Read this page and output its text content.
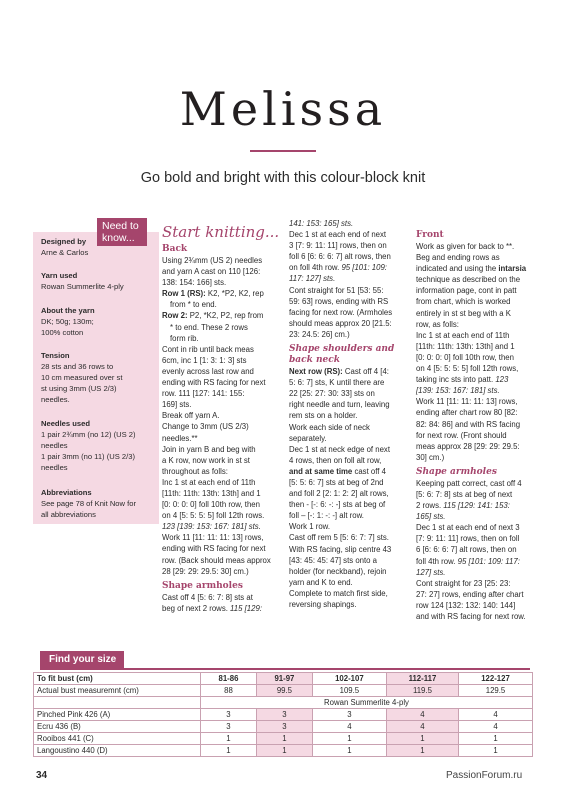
Melissa
Go bold and bright with this colour-block knit
Need to
know...
Designed by
Arne & Carlos
Yarn used
Rowan Summerlite 4-ply
About the yarn
DK; 50g; 130m;
100% cotton
Tension
28 sts and 36 rows to
10 cm measured over st
st using 3mm (US 2/3)
needles.
Needles used
1 pair 2¾mm (no 12) (US 2)
needles
1 pair 3mm (no 11) (US 2/3)
needles
Abbreviations
See page 78 of Knit Now for
all abbreviations

Start knitting...

Back

Using 2¾mm (US 2) needles

and yarn A cast on 110 [126:

138: 154: 166] sts.

Row 1 (RS): K2, *P2, K2, rep

from * to end.

Row 2: P2, *K2, P2, rep from

* to end. These 2 rows

form rib.

Cont in rib until back meas

6cm, inc 1 [1: 3: 1: 3] sts

evenly across last row and

ending with RS facing for next

row. 111 [127: 141: 155:

169] sts.

Break off yarn A.

Change to 3mm (US 2/3)

needles.**

Join in yarn B and beg with

a K row, now work in st st

throughout as folls:

Inc 1 st at each end of 11th

[11th: 11th: 13th: 13th] and 1

[0: 0: 0: 0] foll 10th row, then

on 4 [5: 5: 5: 5] foll 12th rows.

123 [139: 153: 167: 181] sts.

Work 11 [11: 11: 11: 13] rows,

ending with RS facing for next

row. (Back should meas approx

28 [29: 29: 29.5: 30] cm.)

Shape armholes

Cast off 4 [5: 6: 7: 8] sts at

beg of next 2 rows. 115 [129:

141: 153: 165] sts.

Dec 1 st at each end of next

3 [7: 9: 11: 11] rows, then on

foll 6 [6: 6: 6: 7] alt rows, then

on foll 4th row. 95 [101: 109:

117: 127] sts.

Cont straight for 51 [53: 55:

59: 63] rows, ending with RS

facing for next row. (Armholes

should meas approx 20 [21.5:

23: 24.5: 26] cm.)

Shape shoulders and

back neck

Next row (RS): Cast off 4 [4:

5: 6: 7] sts, K until there are

22 [25: 27: 30: 33] sts on

right needle and turn, leaving

rem sts on a holder.

Work each side of neck

separately.

Dec 1 st at neck edge of next

4 rows, then on foll alt row,

and at same time cast off 4

[5: 5: 6: 7] sts at beg of 2nd

and foll 2 [2: 1: 2: 2] alt rows,

then - [-: 6: -: -] sts at beg of

foll – [-: 1: -: -] alt row.

Work 1 row.

Cast off rem 5 [5: 6: 7: 7] sts.

With RS facing, slip centre 43

[43: 45: 45: 47] sts onto a

holder (for neckband), rejoin

yarn and K to end.

Complete to match first side,

reversing shapings.

Front

Work as given for back to **.

Beg and ending rows as

indicated and using the intarsia

technique as described on the

information page, cont in patt

from chart, which is worked

entirely in st st beg with a K

row, as folls:

Inc 1 st at each end of 11th

[11th: 11th: 13th: 13th] and 1

[0: 0: 0: 0] foll 10th row, then

on 4 [5: 5: 5: 5] foll 12th rows,

taking inc sts into patt. 123

[139: 153: 167: 181] sts.

Work 11 [11: 11: 11: 13] rows,

ending after chart row 80 [82:

82: 84: 86] and with RS facing

for next row. (Front should

meas approx 28 [29: 29: 29.5:

30] cm.)

Shape armholes

Keeping patt correct, cast off 4

[5: 6: 7: 8] sts at beg of next

2 rows. 115 [129: 141: 153:

165] sts.

Dec 1 st at each end of next 3

[7: 9: 11: 11] rows, then on foll

6 [6: 6: 6: 7] alt rows, then on

foll 4th row. 95 [101: 109: 117:

127] sts.

Cont straight for 23 [25: 23:

27: 27] rows, ending after chart

row 124 [132: 132: 140: 144]

and with RS facing for next row.

Find your size
To fit bust (cm)	81-86	91-97	102-107	112-117	122-127
Actual bust measuremnt (cm)	88	99.5	109.5	119.5	129.5
	Rowan Summerlite 4-ply				
Pinched Pink 426 (A)	3	3	3	4	4
Ecru 436 (B)	3	3	4	4	4
Rooibos 441 (C)	1	1	1	1	1
Langoustino 440 (D)	1	1	1	1	1
34	PassionForum.ru
